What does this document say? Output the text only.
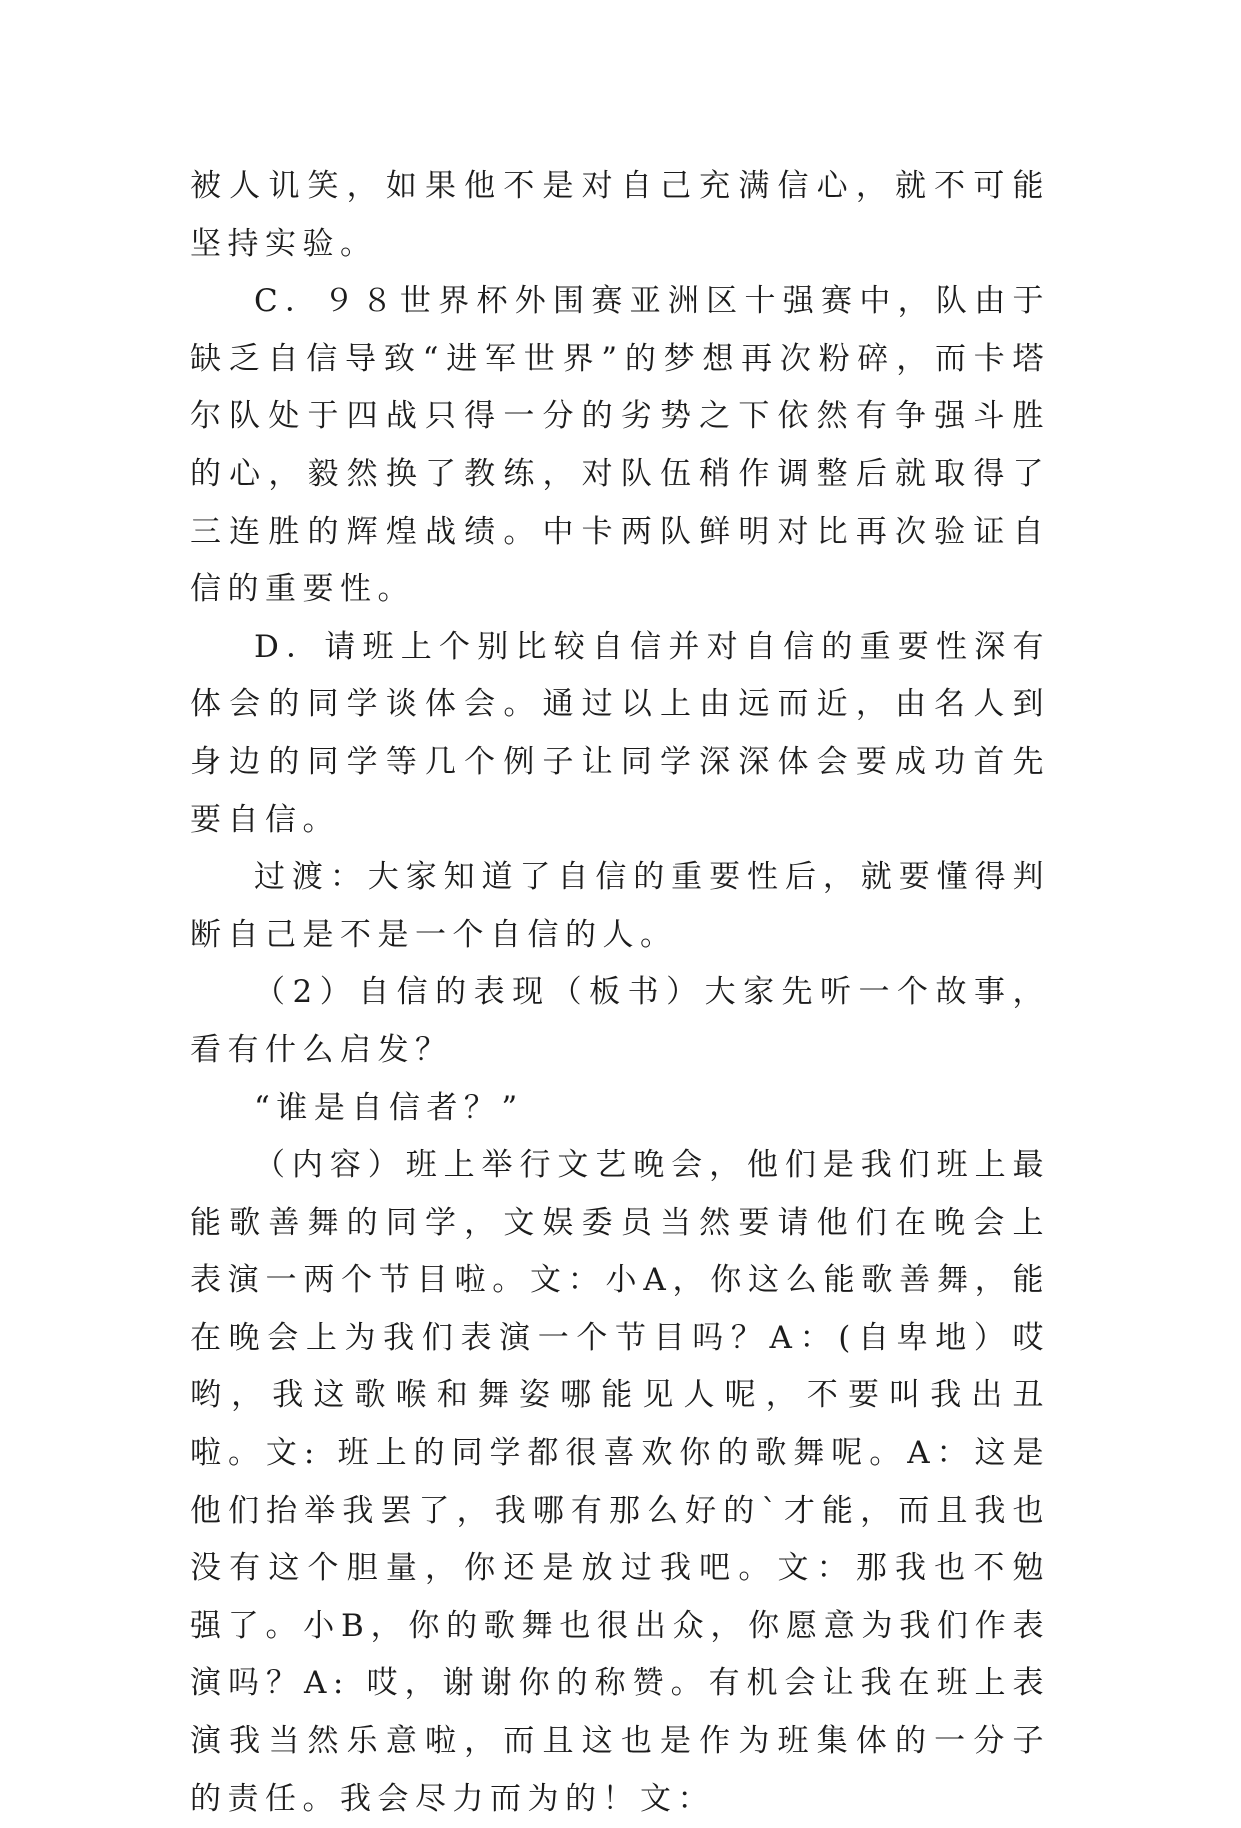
被人讥笑，如果他不是对自己充满信心，就不可能坚持实验。

C．９８世界杯外围赛亚洲区十强赛中，队由于缺乏自信导致“进军世界”的梦想再次粉碎，而卡塔尔队处于四战只得一分的劣势之下依然有争强斗胜的心，毅然换了教练，对队伍稍作调整后就取得了三连胜的辉煌战绩。中卡两队鲜明对比再次验证自信的重要性。

D．请班上个别比较自信并对自信的重要性深有体会的同学谈体会。通过以上由远而近，由名人到身边的同学等几个例子让同学深深体会要成功首先要自信。

过渡：大家知道了自信的重要性后，就要懂得判断自己是不是一个自信的人。

（2）自信的表现（板书）大家先听一个故事，看有什么启发？

“谁是自信者？”

（内容）班上举行文艺晚会，他们是我们班上最能歌善舞的同学，文娱委员当然要请他们在晚会上表演一两个节目啦。文：小A，你这么能歌善舞，能在晚会上为我们表演一个节目吗？A：(自卑地）哎哟，我这歌喉和舞姿哪能见人呢，不要叫我出丑啦。文: 班上的同学都很喜欢你的歌舞呢。A：这是他们抬举我罢了，我哪有那么好的`才能，而且我也没有这个胆量，你还是放过我吧。文：那我也不勉强了。小B，你的歌舞也很出众，你愿意为我们作表演吗？A: 哎，谢谢你的称赞。有机会让我在班上表演我当然乐意啦，而且这也是作为班集体的一分子的责任。我会尽力而为的！文：
